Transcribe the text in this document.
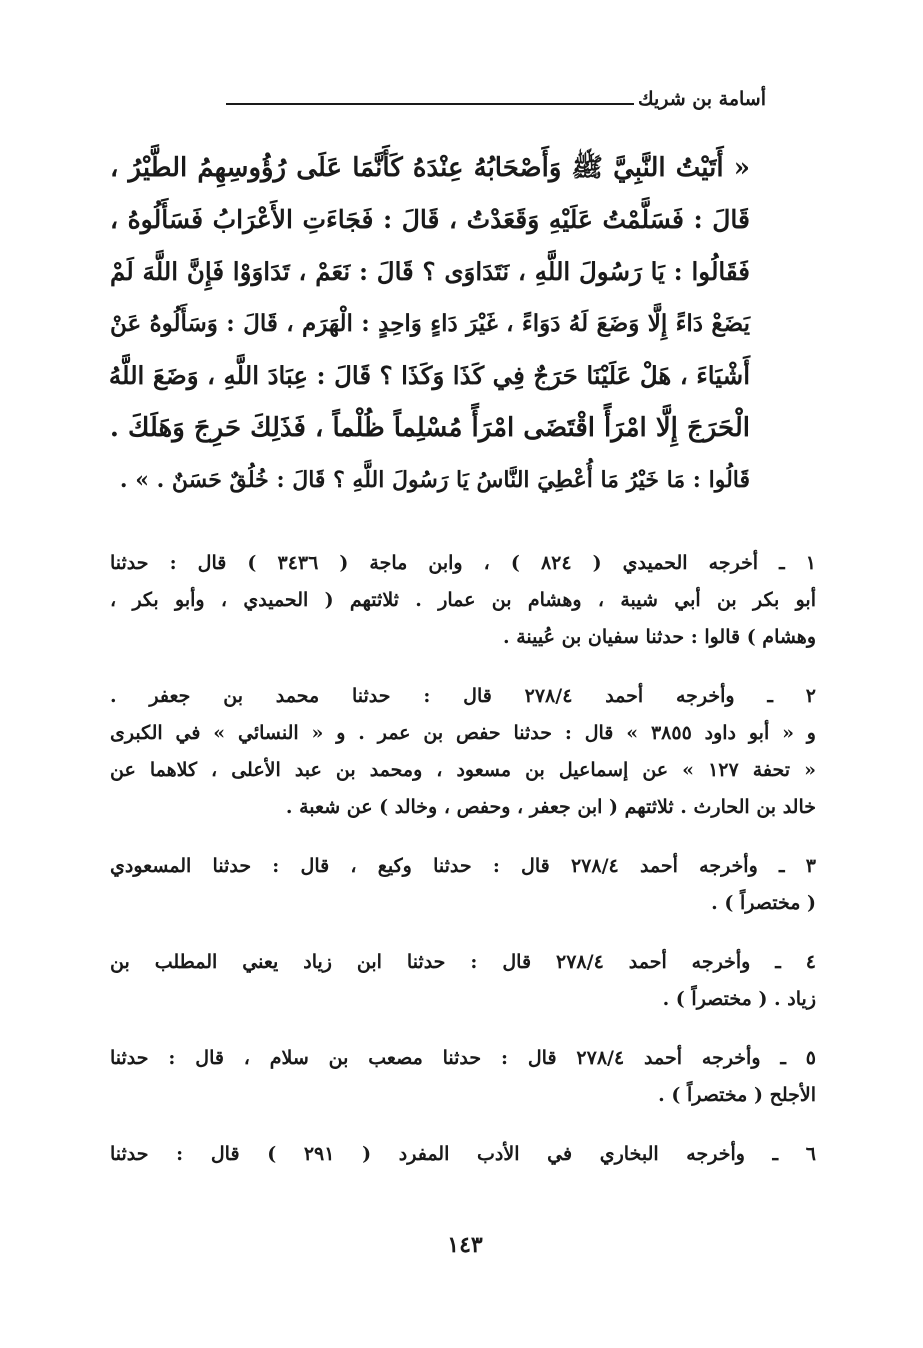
أسامة بن شريك
« أَتَيْتُ النَّبِيَّ ﷺ وَأَصْحَابُهُ عِنْدَهُ كَأَنَّمَا عَلَى رُؤُوسِهِمُ الطَّيْرُ ،
قَالَ : فَسَلَّمْتُ عَلَيْهِ وَقَعَدْتُ ، قَالَ : فَجَاءَتِ الأَعْرَابُ فَسَأَلُوهُ ،
فَقَالُوا : يَا رَسُولَ اللَّهِ ، نَتَدَاوَى ؟ قَالَ : نَعَمْ ، تَدَاوَوْا فَإِنَّ اللَّهَ لَمْ
يَضَعْ دَاءً إِلَّا وَضَعَ لَهُ دَوَاءً ، غَيْرَ دَاءٍ وَاحِدٍ : الْهَرَم ، قَالَ : وَسَأَلُوهُ عَنْ
أَشْيَاءَ ، هَلْ عَلَيْنَا حَرَجٌ فِي كَذَا وَكَذَا ؟ قَالَ : عِبَادَ اللَّهِ ، وَضَعَ اللَّهُ
الْحَرَجَ إِلَّا امْرَأً اقْتَضَى امْرَأً مُسْلِماً ظُلْماً ، فَذَلِكَ حَرِجَ وَهَلَكَ .
قَالُوا : مَا خَيْرُ مَا أُعْطِيَ النَّاسُ يَا رَسُولَ اللَّهِ ؟ قَالَ : خُلُقٌ حَسَنٌ . » .
١ ـ أخرجه الحميدي ( ٨٢٤ ) ، وابن ماجة ( ٣٤٣٦ ) قال : حدثنا
أبو بكر بن أبي شيبة ، وهشام بن عمار . ثلاثتهم ( الحميدي ، وأبو بكر ،
وهشام ) قالوا : حدثنا سفيان بن عُيينة .
٢ ـ وأخرجه أحمد ٢٧٨/٤ قال : حدثنا محمد بن جعفر .
و « أبو داود ٣٨٥٥ » قال : حدثنا حفص بن عمر . و « النسائي » في الكبرى
« تحفة ١٢٧ » عن إسماعيل بن مسعود ، ومحمد بن عبد الأعلى ، كلاهما عن
خالد بن الحارث . ثلاثتهم ( ابن جعفر ، وحفص ، وخالد ) عن شعبة .
٣ ـ وأخرجه أحمد ٢٧٨/٤ قال : حدثنا وكيع ، قال : حدثنا المسعودي
( مختصراً ) .
٤ ـ وأخرجه أحمد ٢٧٨/٤ قال : حدثنا ابن زياد يعني المطلب بن
زياد . ( مختصراً ) .
٥ ـ وأخرجه أحمد ٢٧٨/٤ قال : حدثنا مصعب بن سلام ، قال : حدثنا
الأجلح ( مختصراً ) .
٦ ـ وأخرجه البخاري في الأدب المفرد ( ٢٩١ ) قال : حدثنا
١٤٣
